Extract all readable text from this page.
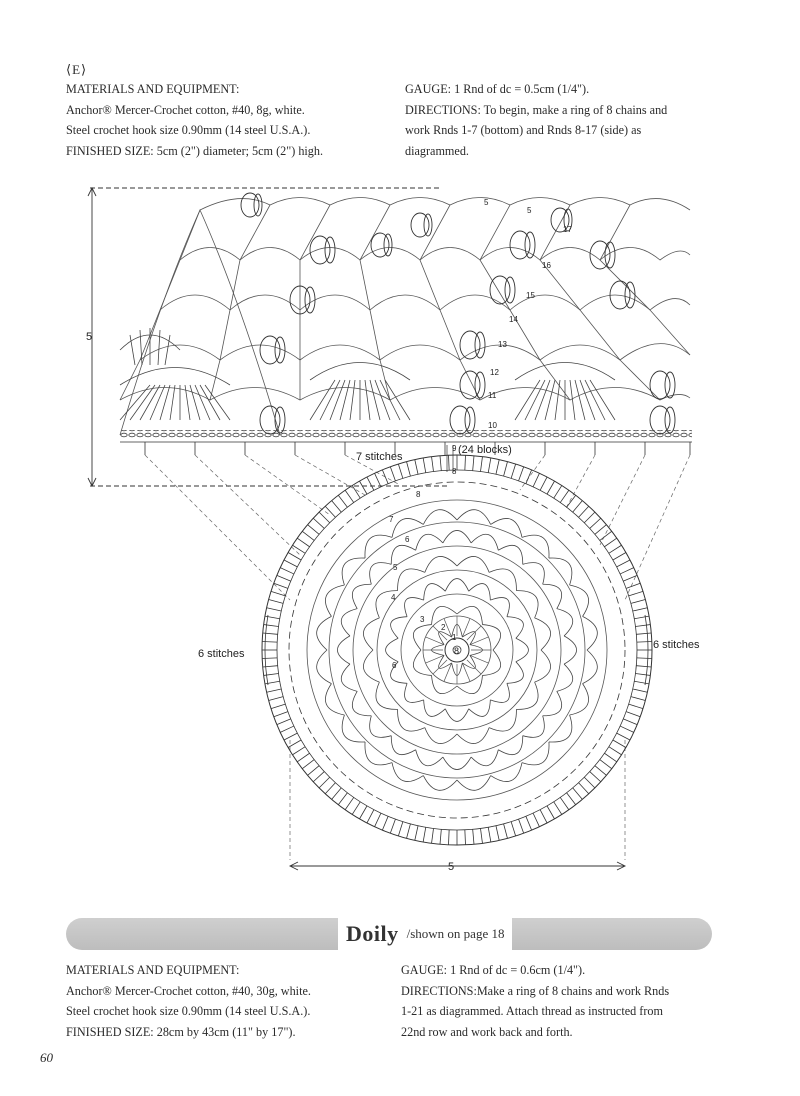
⟨E⟩
MATERIALS AND EQUIPMENT:
Anchor® Mercer-Crochet cotton, #40, 8g, white.
Steel crochet hook size 0.90mm (14 steel U.S.A.).
FINISHED SIZE: 5cm (2") diameter; 5cm (2") high.
GAUGE: 1 Rnd of dc = 0.5cm (1/4").
DIRECTIONS: To begin, make a ring of 8 chains and
work Rnds 1-7 (bottom) and Rnds 8-17 (side) as
diagrammed.
5
7 stitches
(24 blocks)
6 stitches
6 stitches
8
5
5
5
17
16
15
14
13
12
11
10
9
8
8
7
6
5
4
3
2
1
6
Doily /shown on page 18
MATERIALS AND EQUIPMENT:
Anchor® Mercer-Crochet cotton, #40, 30g, white.
Steel crochet hook size 0.90mm (14 steel U.S.A.).
FINISHED SIZE: 28cm by 43cm (11" by 17").
GAUGE: 1 Rnd of dc = 0.6cm (1/4").
DIRECTIONS:Make a ring of 8 chains and work Rnds
1-21 as diagrammed. Attach thread as instructed from
22nd row and work back and forth.
60
